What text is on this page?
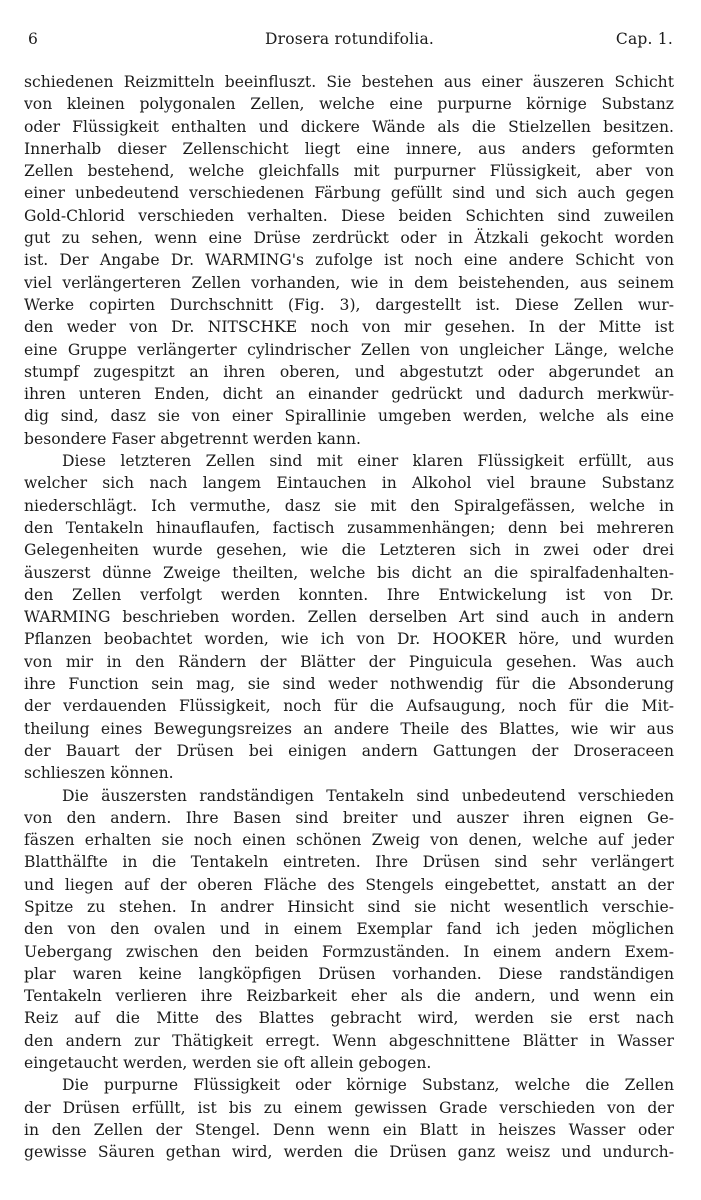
6	Drosera rotundifolia.	Cap. 1.
schiedenen Reizmitteln beeinfluszt. Sie bestehen aus einer äuszeren Schicht
von kleinen polygonalen Zellen, welche eine purpurne körnige Substanz
oder Flüssigkeit enthalten und dickere Wände als die Stielzellen besitzen.
Innerhalb dieser Zellenschicht liegt eine innere, aus anders geformten
Zellen bestehend, welche gleichfalls mit purpurner Flüssigkeit, aber von
einer unbedeutend verschiedenen Färbung gefüllt sind und sich auch gegen
Gold-Chlorid verschieden verhalten. Diese beiden Schichten sind zuweilen
gut zu sehen, wenn eine Drüse zerdrückt oder in Ätzkali gekocht worden
ist. Der Angabe Dr. WARMING's zufolge ist noch eine andere Schicht von
viel verlängerteren Zellen vorhanden, wie in dem beistehenden, aus seinem
Werke copirten Durchschnitt (Fig. 3), dargestellt ist. Diese Zellen wur-
den weder von Dr. NITSCHKE noch von mir gesehen. In der Mitte ist
eine Gruppe verlängerter cylindrischer Zellen von ungleicher Länge, welche
stumpf zugespitzt an ihren oberen, und abgestutzt oder abgerundet an
ihren unteren Enden, dicht an einander gedrückt und dadurch merkwür-
dig sind, dasz sie von einer Spirallinie umgeben werden, welche als eine
besondere Faser abgetrennt werden kann.
Diese letzteren Zellen sind mit einer klaren Flüssigkeit erfüllt, aus
welcher sich nach langem Eintauchen in Alkohol viel braune Substanz
niederschlägt. Ich vermuthe, dasz sie mit den Spiralgefässen, welche in
den Tentakeln hinauflaufen, factisch zusammenhängen; denn bei mehreren
Gelegenheiten wurde gesehen, wie die Letzteren sich in zwei oder drei
äuszerst dünne Zweige theilten, welche bis dicht an die spiralfadenhalten-
den Zellen verfolgt werden konnten. Ihre Entwickelung ist von Dr.
WARMING beschrieben worden. Zellen derselben Art sind auch in andern
Pflanzen beobachtet worden, wie ich von Dr. HOOKER höre, und wurden
von mir in den Rändern der Blätter der Pinguicula gesehen. Was auch
ihre Function sein mag, sie sind weder nothwendig für die Absonderung
der verdauenden Flüssigkeit, noch für die Aufsaugung, noch für die Mit-
theilung eines Bewegungsreizes an andere Theile des Blattes, wie wir aus
der Bauart der Drüsen bei einigen andern Gattungen der Droseraceen
schlieszen können.
Die äuszersten randständigen Tentakeln sind unbedeutend verschieden
von den andern. Ihre Basen sind breiter und auszer ihren eignen Ge-
fäszen erhalten sie noch einen schönen Zweig von denen, welche auf jeder
Blatthälfte in die Tentakeln eintreten. Ihre Drüsen sind sehr verlängert
und liegen auf der oberen Fläche des Stengels eingebettet, anstatt an der
Spitze zu stehen. In andrer Hinsicht sind sie nicht wesentlich verschie-
den von den ovalen und in einem Exemplar fand ich jeden möglichen
Uebergang zwischen den beiden Formzuständen. In einem andern Exem-
plar waren keine langköpfigen Drüsen vorhanden. Diese randständigen
Tentakeln verlieren ihre Reizbarkeit eher als die andern, und wenn ein
Reiz auf die Mitte des Blattes gebracht wird, werden sie erst nach
den andern zur Thätigkeit erregt. Wenn abgeschnittene Blätter in Wasser
eingetaucht werden, werden sie oft allein gebogen.
Die purpurne Flüssigkeit oder körnige Substanz, welche die Zellen
der Drüsen erfüllt, ist bis zu einem gewissen Grade verschieden von der
in den Zellen der Stengel. Denn wenn ein Blatt in heiszes Wasser oder
gewisse Säuren gethan wird, werden die Drüsen ganz weisz und undurch-
